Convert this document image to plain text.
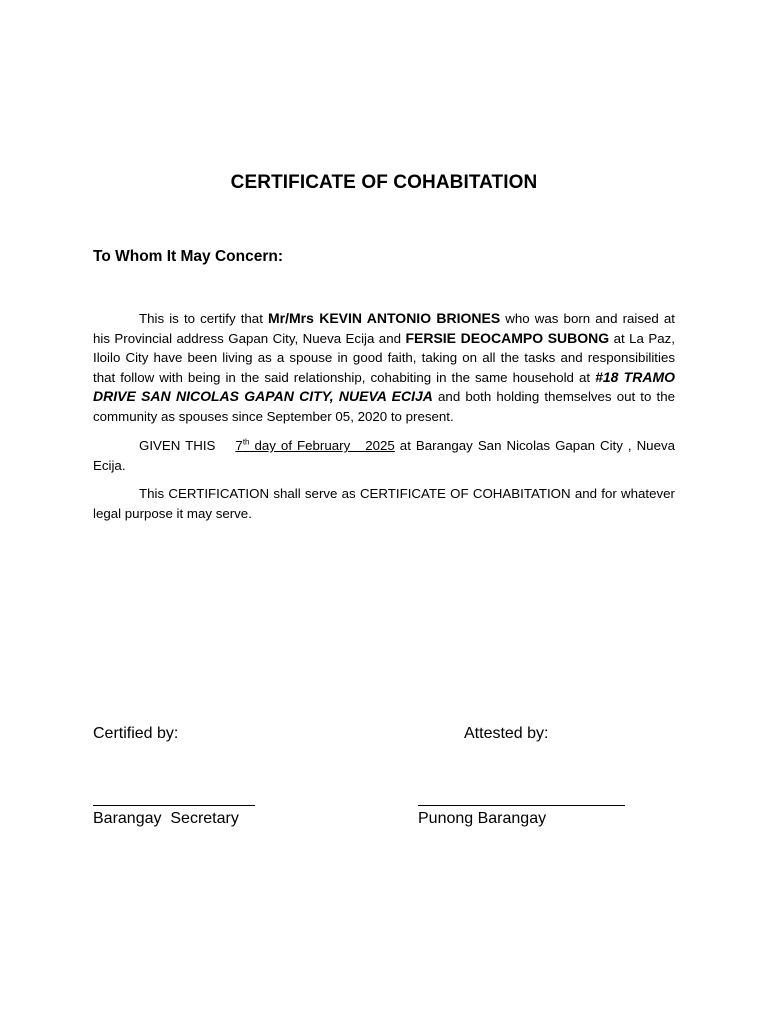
CERTIFICATE OF COHABITATION
To Whom It May Concern:
This is to certify that Mr/Mrs KEVIN ANTONIO BRIONES who was born and raised at his Provincial address Gapan City, Nueva Ecija and FERSIE DEOCAMPO SUBONG at La Paz, Iloilo City have been living as a spouse in good faith, taking on all the tasks and responsibilities that follow with being in the said relationship, cohabiting in the same household at #18 TRAMO DRIVE SAN NICOLAS GAPAN CITY, NUEVA ECIJA and both holding themselves out to the community as spouses since September 05, 2020 to present.
GIVEN THIS    7th day of February   2025 at Barangay San Nicolas Gapan City , Nueva Ecija.
This CERTIFICATION shall serve as CERTIFICATE OF COHABITATION and for whatever legal purpose it may serve.
Certified by:	Attested by:
Barangay  Secretary	Punong Barangay
